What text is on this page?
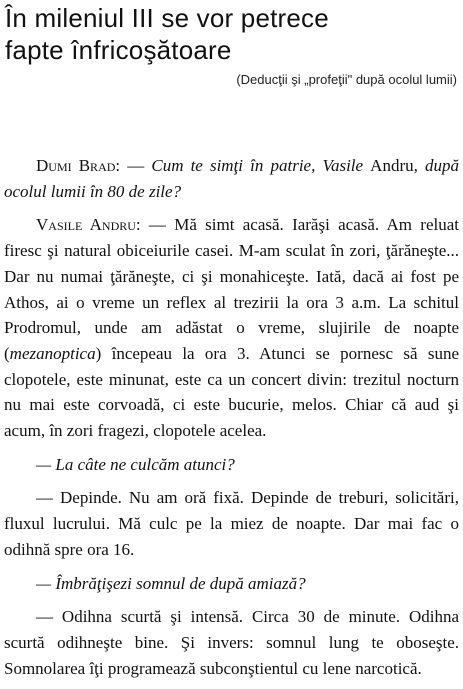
În mileniul III se vor petrece
fapte înfricoşătoare
(Deducţii şi „profeţii" după ocolul lumii)

Dumi Brad: — Cum te simţi în patrie, Vasile Andru, după ocolul lumii în 80 de zile?

Vasile Andru: — Mă simt acasă. Iarăşi acasă. Am reluat firesc şi natural obiceiurile casei. M-am sculat în zori, ţărăneşte... Dar nu numai ţărăneşte, ci şi monahiceşte. Iată, dacă ai fost pe Athos, ai o vreme un reflex al trezirii la ora 3 a.m. La schitul Prodromul, unde am adăstat o vreme, slujirile de noapte (mezanoptica) începeau la ora 3. Atunci se pornesc să sune clopotele, este minunat, este ca un concert divin: trezitul nocturn nu mai este corvoadă, ci este bucurie, melos. Chiar că aud şi acum, în zori fragezi, clopotele acelea.

— La câte ne culcăm atunci?

— Depinde. Nu am oră fixă. Depinde de treburi, solicitări, fluxul lucrului. Mă culc pe la miez de noapte. Dar mai fac o odihnă spre ora 16.

— Îmbrăţişezi somnul de după amiază?

— Odihna scurtă şi intensă. Circa 30 de minute. Odihna scurtă odihneşte bine. Şi invers: somnul lung te oboseşte. Somnolarea îţi programează subconştientul cu lene narcotică.
